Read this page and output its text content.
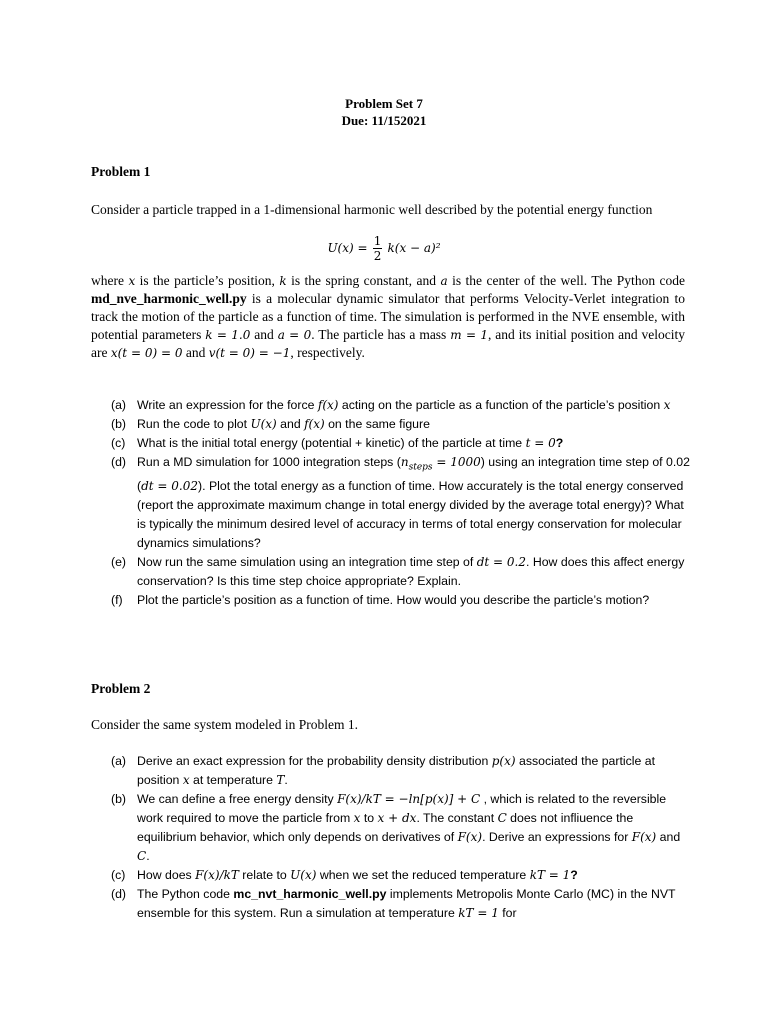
Problem Set 7
Due: 11/152021
Problem 1
Consider a particle trapped in a 1-dimensional harmonic well described by the potential energy function
$U(x) = \frac{1}{2} k(x - a)^2$
where x is the particle’s position, k is the spring constant, and a is the center of the well. The Python code md_nve_harmonic_well.py is a molecular dynamic simulator that performs Velocity-Verlet integration to track the motion of the particle as a function of time. The simulation is performed in the NVE ensemble, with potential parameters k = 1.0 and a = 0. The particle has a mass m = 1, and its initial position and velocity are x(t = 0) = 0 and v(t = 0) = −1, respectively.
(a) Write an expression for the force f(x) acting on the particle as a function of the particle’s position x
(b) Run the code to plot U(x) and f(x) on the same figure
(c) What is the initial total energy (potential + kinetic) of the particle at time t = 0?
(d) Run a MD simulation for 1000 integration steps $(n_{steps} = 1000)$ using an integration time step of 0.02 (dt = 0.02). Plot the total energy as a function of time. How accurately is the total energy conserved (report the approximate maximum change in total energy divided by the average total energy)? What is typically the minimum desired level of accuracy in terms of total energy conservation for molecular dynamics simulations?
(e) Now run the same simulation using an integration time step of dt = 0.2. How does this affect energy conservation? Is this time step choice appropriate? Explain.
(f) Plot the particle’s position as a function of time. How would you describe the particle’s motion?
Problem 2
Consider the same system modeled in Problem 1.
(a) Derive an exact expression for the probability density distribution p(x) associated the particle at position x at temperature T.
(b) We can define a free energy density F(x)/kT = −ln[p(x)] + C , which is related to the reversible work required to move the particle from x to x + dx. The constant C does not infliuence the equilibrium behavior, which only depends on derivatives of F(x). Derive an expressions for F(x) and C.
(c) How does F(x)/kT relate to U(x) when we set the reduced temperature kT = 1?
(d) The Python code mc_nvt_harmonic_well.py implements Metropolis Monte Carlo (MC) in the NVT ensemble for this system. Run a simulation at temperature kT = 1 for
